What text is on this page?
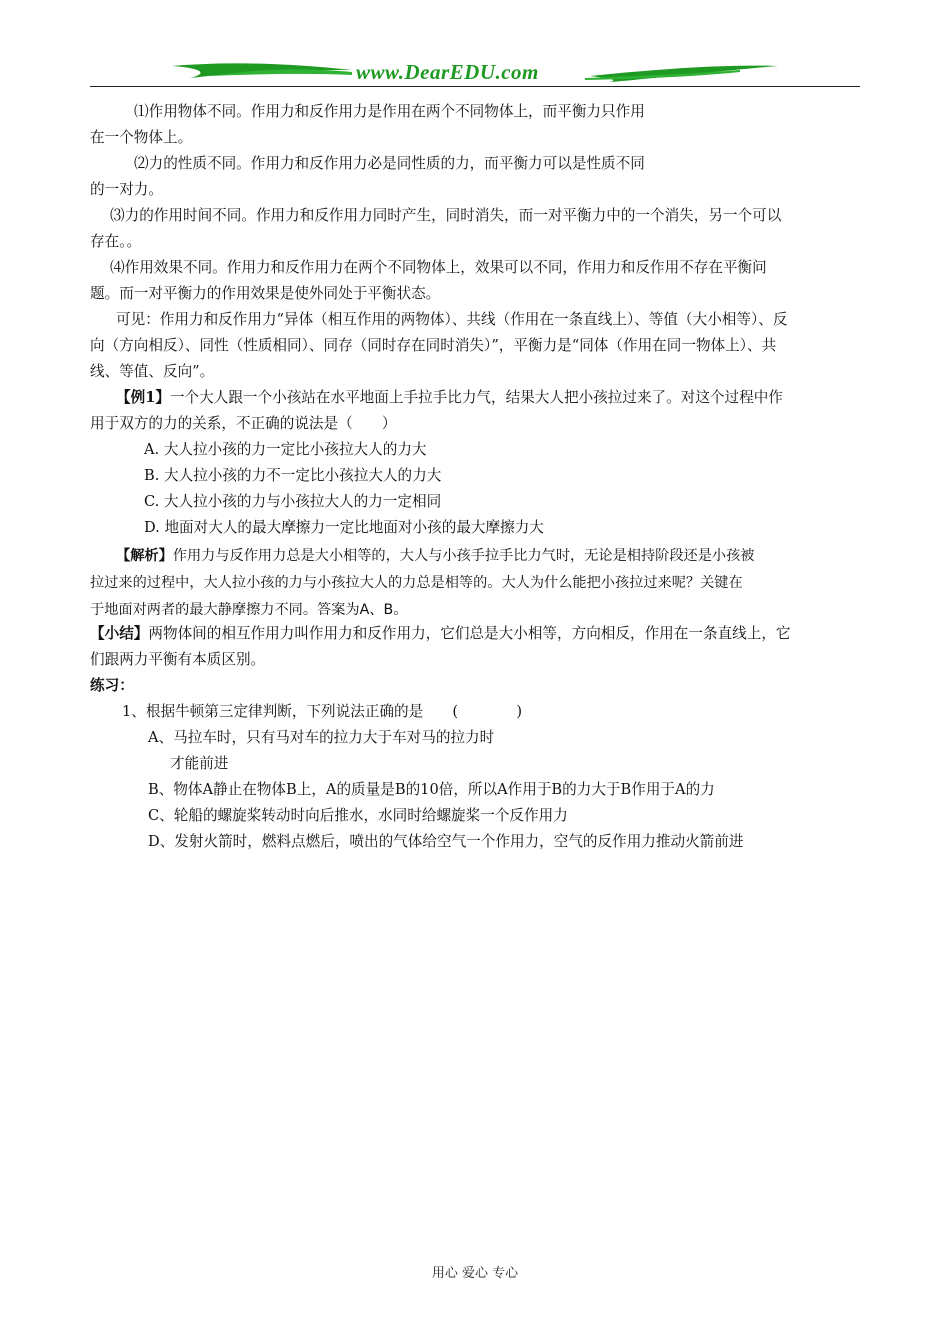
www.DearEDU.com
⑴作用物体不同。作用力和反作用力是作用在两个不同物体上，而平衡力只作用
在一个物体上。
⑵力的性质不同。作用力和反作用力必是同性质的力，而平衡力可以是性质不同
的一对力。
⑶力的作用时间不同。作用力和反作用力同时产生，同时消失，而一对平衡力中的一个消失，另一个可以
存在。。
⑷作用效果不同。作用力和反作用力在两个不同物体上，效果可以不同，作用力和反作用不存在平衡问
题。而一对平衡力的作用效果是使外同处于平衡状态。
可见：作用力和反作用力“异体（相互作用的两物体）、共线（作用在一条直线上）、等值（大小相等）、反
向（方向相反）、同性（性质相同）、同存（同时存在同时消失）”，平衡力是“同体（作用在同一物体上）、共
线、等值、反向”。
【例1】一个大人跟一个小孩站在水平地面上手拉手比力气，结果大人把小孩拉过来了。对这个过程中作
用于双方的力的关系，不正确的说法是（　　）
A. 大人拉小孩的力一定比小孩拉大人的力大
B. 大人拉小孩的力不一定比小孩拉大人的力大
C. 大人拉小孩的力与小孩拉大人的力一定相同
D. 地面对大人的最大摩擦力一定比地面对小孩的最大摩擦力大
【解析】作用力与反作用力总是大小相等的，大人与小孩手拉手比力气时，无论是相持阶段还是小孩被
拉过来的过程中，大人拉小孩的力与小孩拉大人的力总是相等的。大人为什么能把小孩拉过来呢？关键在
于地面对两者的最大静摩擦力不同。答案为A、B。
【小结】两物体间的相互作用力叫作用力和反作用力，它们总是大小相等，方向相反，作用在一条直线上，它
们跟两力平衡有本质区别。
练习：
1、根据牛顿第三定律判断，下列说法正确的是　　(　　　　)
A、马拉车时，只有马对车的拉力大于车对马的拉力时
才能前进
B、物体A静止在物体B上，A的质量是B的10倍，所以A作用于B的力大于B作用于A的力
C、轮船的螺旋桨转动时向后推水，水同时给螺旋桨一个反作用力
D、发射火箭时，燃料点燃后，喷出的气体给空气一个作用力，空气的反作用力推动火箭前进
用心 爱心 专心
